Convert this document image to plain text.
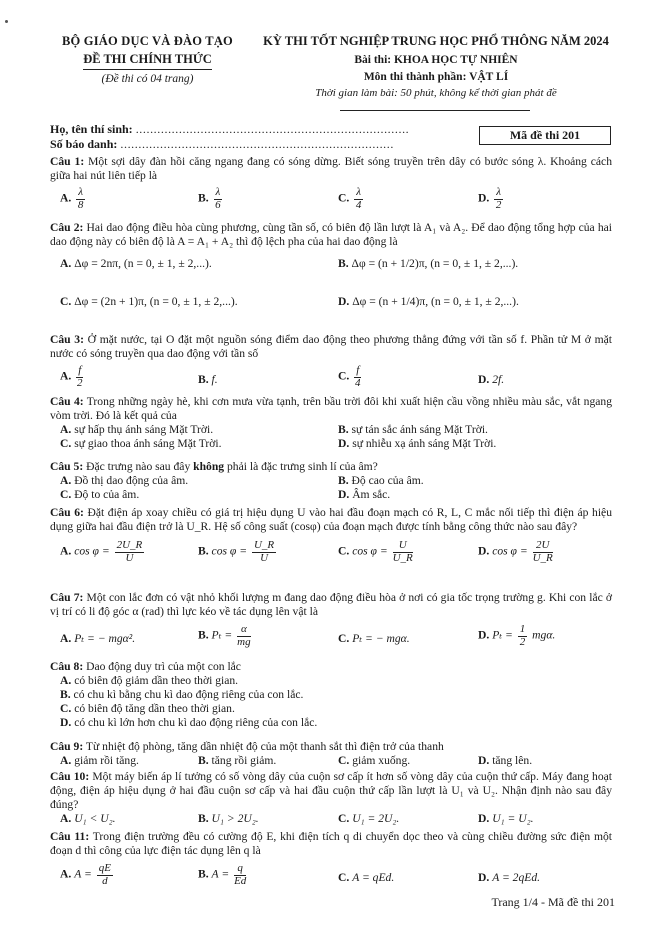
BỘ GIÁO DỤC VÀ ĐÀO TẠO
ĐỀ THI CHÍNH THỨC
(Đề thi có 04 trang)
KỲ THI TỐT NGHIỆP TRUNG HỌC PHỔ THÔNG NĂM 2024
Bài thi: KHOA HỌC TỰ NHIÊN
Môn thi thành phần: VẬT LÍ
Thời gian làm bài: 50 phút, không kể thời gian phát đề
Họ, tên thí sinh: ............................................................................
Số báo danh: ............................................................................
Mã đề thi 201
Câu 1: Một sợi dây đàn hồi căng ngang đang có sóng dừng. Biết sóng truyền trên dây có bước sóng λ. Khoảng cách giữa hai nút liên tiếp là
A. $\frac{\lambda}{8}$	B. $\frac{\lambda}{6}$	C. $\frac{\lambda}{4}$	D. $\frac{\lambda}{2}$
Câu 2: Hai dao động điều hòa cùng phương, cùng tần số, có biên độ lần lượt là A₁ và A₂. Để dao động tổng hợp của hai dao động này có biên độ là A = A₁ + A₂ thì độ lệch pha của hai dao động là
A. Δφ = 2nπ, (n = 0, ± 1, ± 2,...).	B. Δφ = (n + 1/2)π, (n = 0, ± 1, ± 2,...).
C. Δφ = (2n + 1)π, (n = 0, ± 1, ± 2,...).	D. Δφ = (n + 1/4)π, (n = 0, ± 1, ± 2,...).
Câu 3: Ở mặt nước, tại O đặt một nguồn sóng điểm dao động theo phương thẳng đứng với tần số f. Phần tử M ở mặt nước có sóng truyền qua dao động với tần số
A. $\frac{f}{2}$	B. f.	C. $\frac{f}{4}$	D. 2f.
Câu 4: Trong những ngày hè, khi cơn mưa vừa tạnh, trên bầu trời đôi khi xuất hiện cầu vồng nhiều màu sắc, vắt ngang vòm trời. Đó là kết quả của
A. sự hấp thụ ánh sáng Mặt Trời.	B. sự tán sắc ánh sáng Mặt Trời.
C. sự giao thoa ánh sáng Mặt Trời.	D. sự nhiễu xạ ánh sáng Mặt Trời.
Câu 5: Đặc trưng nào sau đây không phải là đặc trưng sinh lí của âm?
A. Đồ thị dao động của âm.	B. Độ cao của âm.
C. Độ to của âm.	D. Âm sắc.
Câu 6: Đặt điện áp xoay chiều có giá trị hiệu dụng U vào hai đầu đoạn mạch có R, L, C mắc nối tiếp thì điện áp hiệu dụng giữa hai đầu điện trở là U_R. Hệ số công suất (cosφ) của đoạn mạch được tính bằng công thức nào sau đây?
A. $\cos \varphi = \frac{2U\_R}{U}$	B. $\cos \varphi = \frac{U\_R}{U}$	C. $\cos \varphi = \frac{U}{U\_R}$	D. $\cos \varphi = \frac{2U}{U\_R}$
Câu 7: Một con lắc đơn có vật nhỏ khối lượng m đang dao động điều hòa ở nơi có gia tốc trọng trường g. Khi con lắc ở vị trí có li độ góc α (rad) thì lực kéo về tác dụng lên vật là
A. Pₜ = − mgα².	B. $P_t = \frac{\alpha}{mg}$	C. Pₜ = − mgα.	D. $P_t = \frac{1}{2} mg\alpha$.
Câu 8: Dao động duy trì của một con lắc
A. có biên độ giảm dần theo thời gian.
B. có chu kì bằng chu kì dao động riêng của con lắc.
C. có biên độ tăng dần theo thời gian.
D. có chu kì lớn hơn chu kì dao động riêng của con lắc.
Câu 9: Từ nhiệt độ phòng, tăng dần nhiệt độ của một thanh sắt thì điện trở của thanh
A. giảm rồi tăng.	B. tăng rồi giảm.	C. giảm xuống.	D. tăng lên.
Câu 10: Một máy biến áp lí tưởng có số vòng dây của cuộn sơ cấp ít hơn số vòng dây của cuộn thứ cấp. Máy đang hoạt động, điện áp hiệu dụng ở hai đầu cuộn sơ cấp và hai đầu cuộn thứ cấp lần lượt là U₁ và U₂. Nhận định nào sau đây đúng?
A. U₁ < U₂.	B. U₁ > 2U₂.	C. U₁ = 2U₂.	D. U₁ = U₂.
Câu 11: Trong điện trường đều có cường độ E, khi điện tích q di chuyển dọc theo và cùng chiều đường sức điện một đoạn d thì công của lực điện tác dụng lên q là
A. $A = \frac{qE}{d}$	B. $A = \frac{q}{Ed}$	C. A = qEd.	D. A = 2qEd.
Trang 1/4 - Mã đề thi 201
